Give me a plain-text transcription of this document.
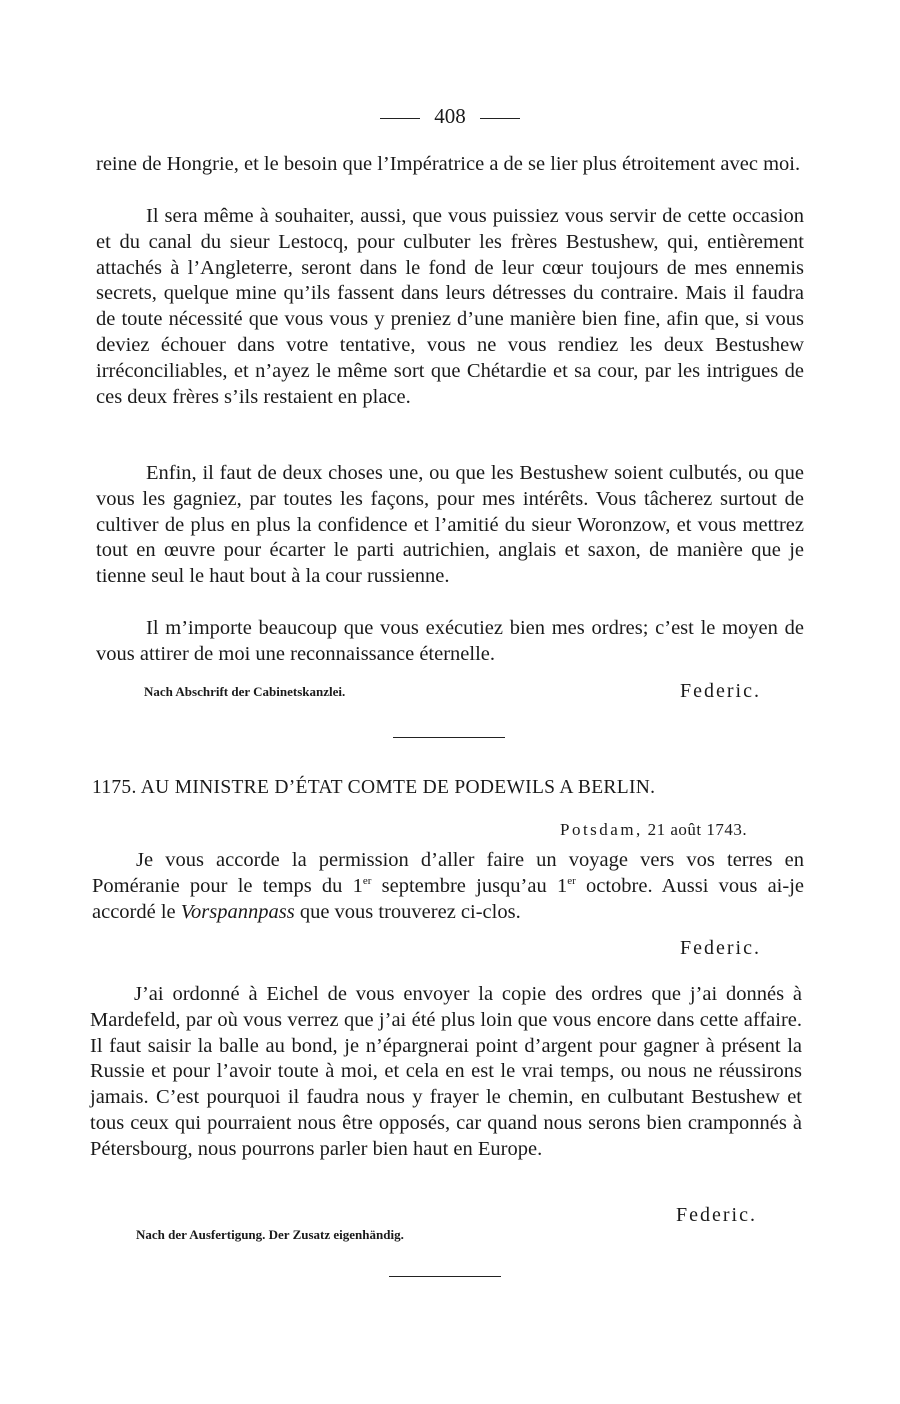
408

reine de Hongrie, et le besoin que l’Impératrice a de se lier plus étroitement avec moi.

Il sera même à souhaiter, aussi, que vous puissiez vous servir de cette occasion et du canal du sieur Lestocq, pour culbuter les frères Bestushew, qui, entièrement attachés à l’Angleterre, seront dans le fond de leur cœur toujours de mes ennemis secrets, quelque mine qu’ils fassent dans leurs détresses du contraire. Mais il faudra de toute nécessité que vous vous y preniez d’une manière bien fine, afin que, si vous deviez échouer dans votre tentative, vous ne vous rendiez les deux Bestushew irréconciliables, et n’ayez le même sort que Chétardie et sa cour, par les intrigues de ces deux frères s’ils restaient en place.

Enfin, il faut de deux choses une, ou que les Bestushew soient culbutés, ou que vous les gagniez, par toutes les façons, pour mes intérêts. Vous tâcherez surtout de cultiver de plus en plus la confidence et l’amitié du sieur Woronzow, et vous mettrez tout en œuvre pour écarter le parti autrichien, anglais et saxon, de manière que je tienne seul le haut bout à la cour russienne.

Il m’importe beaucoup que vous exécutiez bien mes ordres; c’est le moyen de vous attirer de moi une reconnaissance éternelle.

Nach Abschrift der Cabinetskanzlei.	Federic.
1175. AU MINISTRE D’ÉTAT COMTE DE PODEWILS A BERLIN.
Potsdam, 21 août 1743.

Je vous accorde la permission d’aller faire un voyage vers vos terres en Poméranie pour le temps du 1er septembre jusqu’au 1er octobre. Aussi vous ai-je accordé le Vorspannpass que vous trouverez ci-clos.

Federic.

J’ai ordonné à Eichel de vous envoyer la copie des ordres que j’ai donnés à Mardefeld, par où vous verrez que j’ai été plus loin que vous encore dans cette affaire. Il faut saisir la balle au bond, je n’épargnerai point d’argent pour gagner à présent la Russie et pour l’avoir toute à moi, et cela en est le vrai temps, ou nous ne réussirons jamais. C’est pourquoi il faudra nous y frayer le chemin, en culbutant Bestushew et tous ceux qui pourraient nous être opposés, car quand nous serons bien cramponnés à Pétersbourg, nous pourrons parler bien haut en Europe.

Federic.
Nach der Ausfertigung. Der Zusatz eigenhändig.
